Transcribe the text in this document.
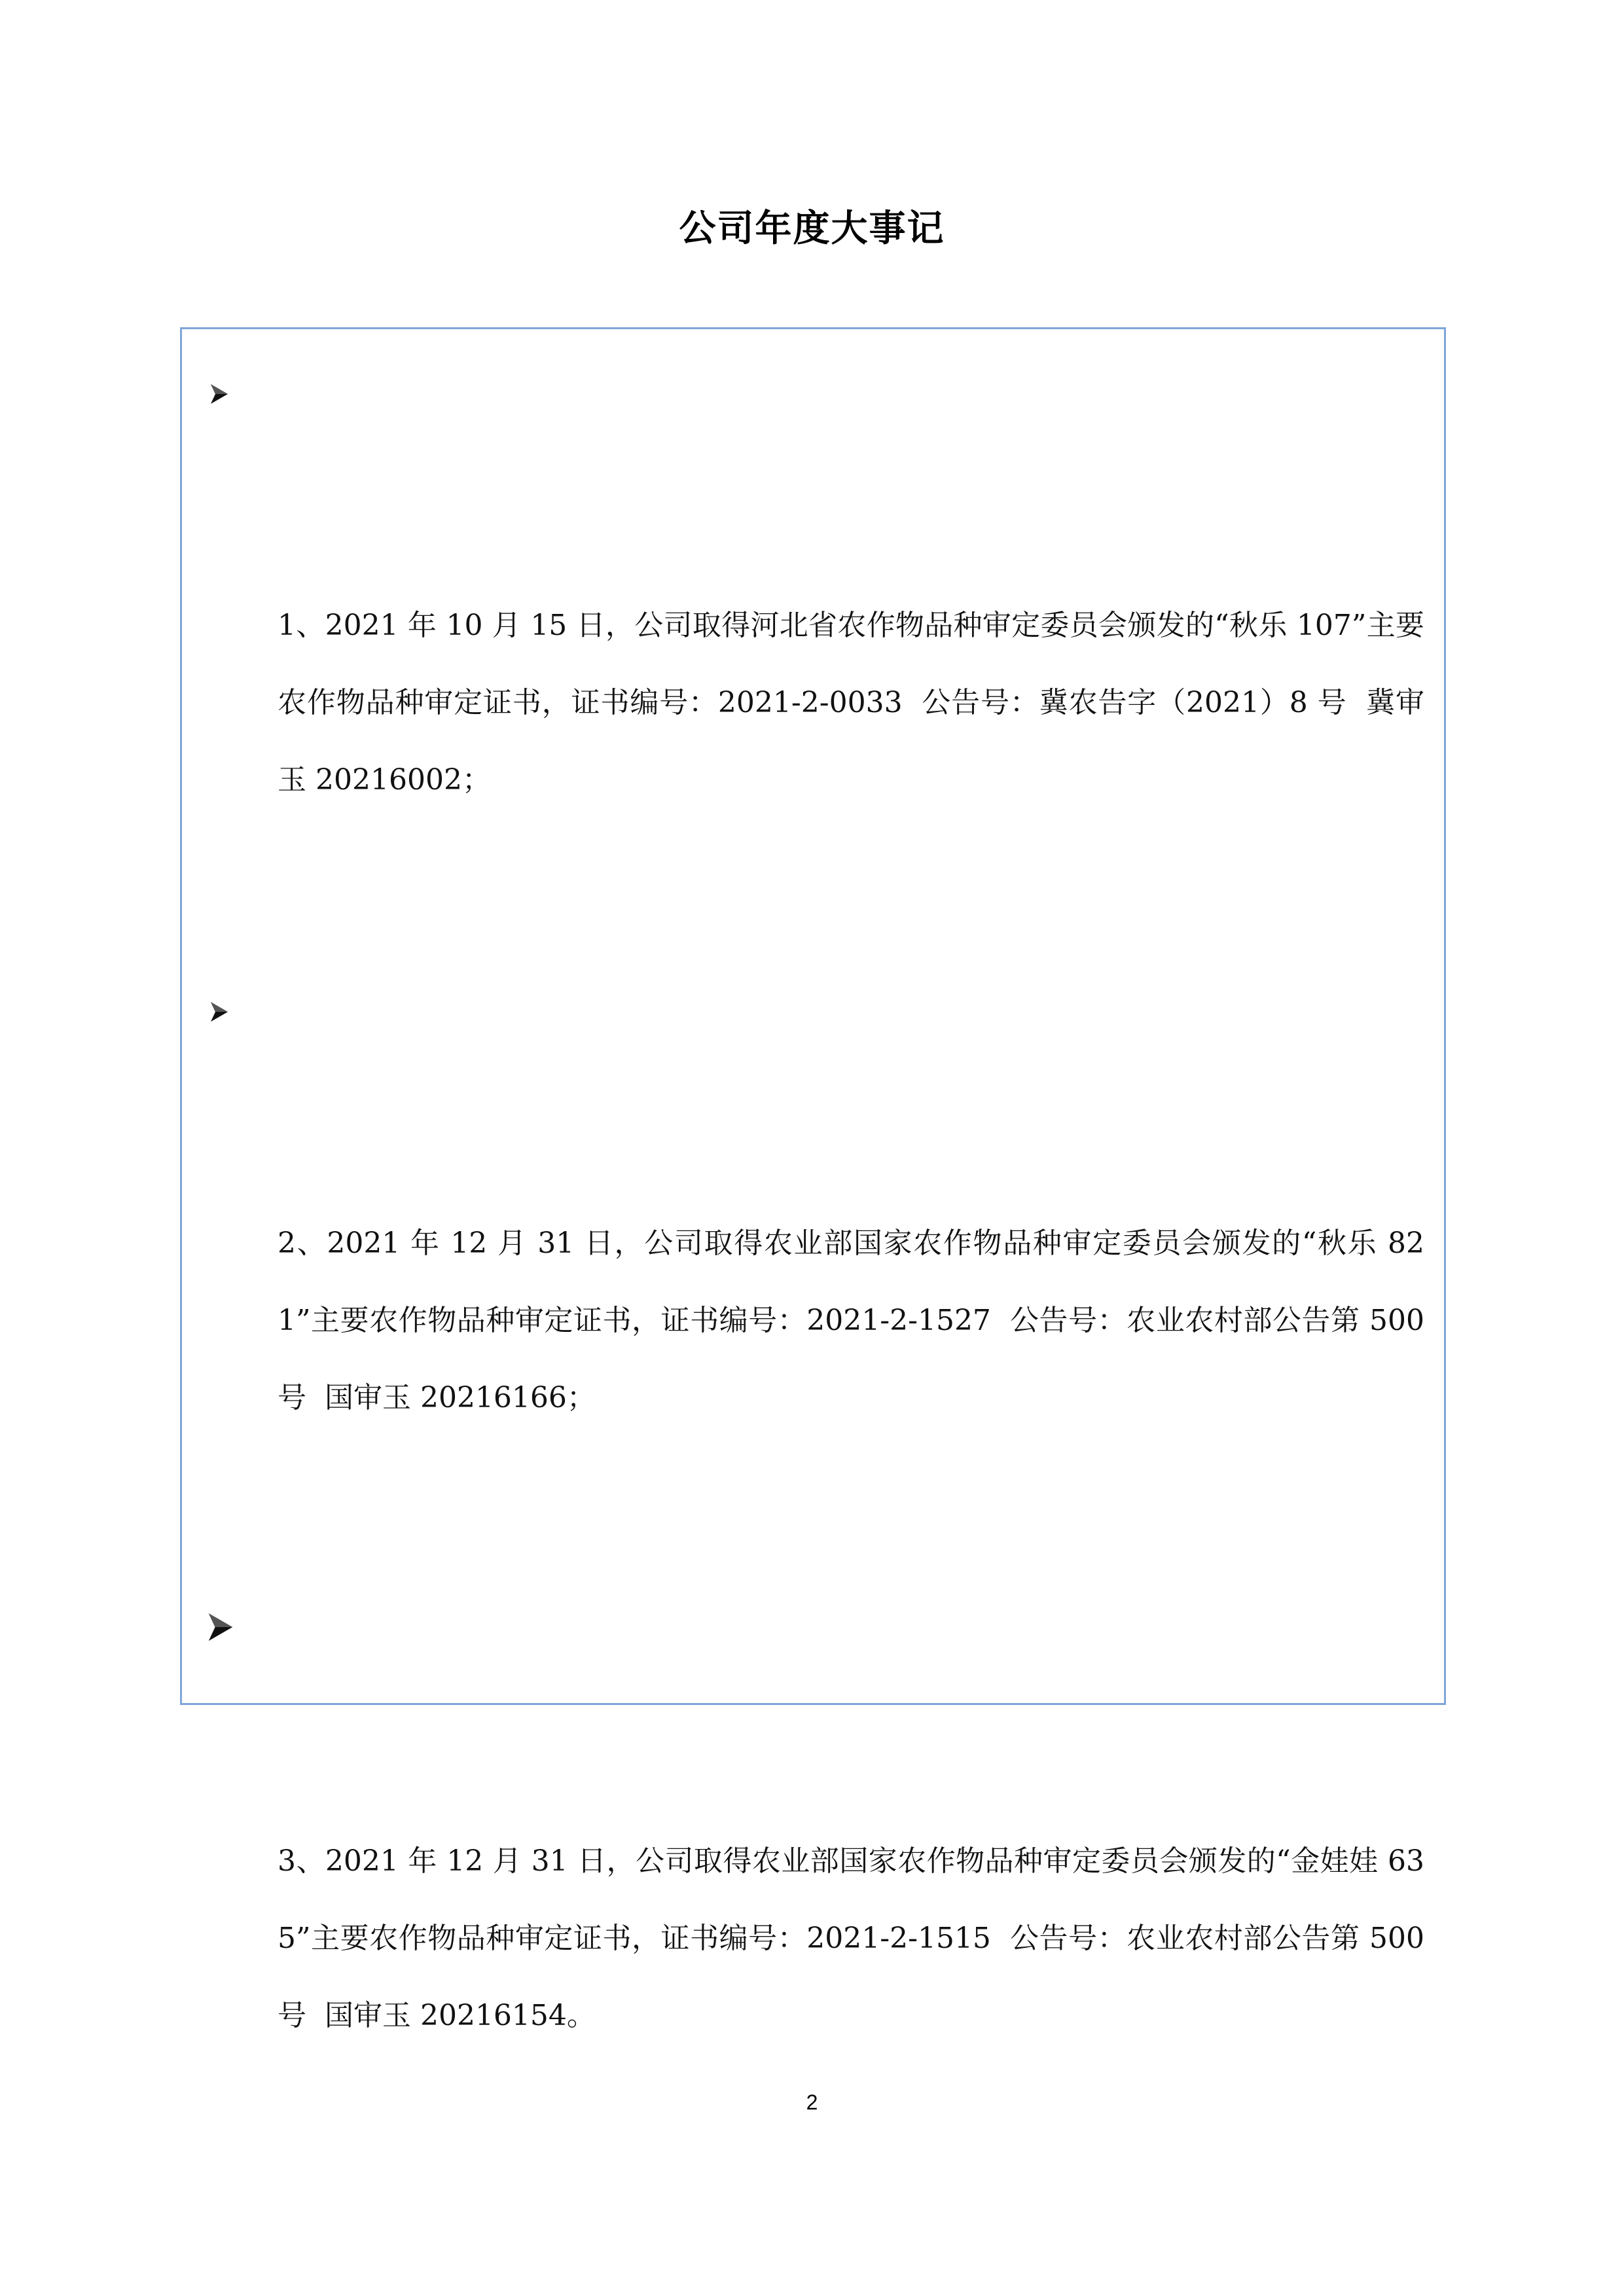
公司年度大事记

1、2021 年 10 月 15 日，公司取得河北省农作物品种审定委员会颁发的“秋乐 107”主要农作物品种审定证书，证书编号：2021-2-0033  公告号：冀农告字（2021）8 号  冀审玉 20216002；

2、2021 年 12 月 31 日，公司取得农业部国家农作物品种审定委员会颁发的“秋乐 821”主要农作物品种审定证书，证书编号：2021-2-1527  公告号：农业农村部公告第 500 号  国审玉 20216166；

3、2021 年 12 月 31 日，公司取得农业部国家农作物品种审定委员会颁发的“金娃娃 635”主要农作物品种审定证书，证书编号：2021-2-1515  公告号：农业农村部公告第 500 号  国审玉 20216154。

2
